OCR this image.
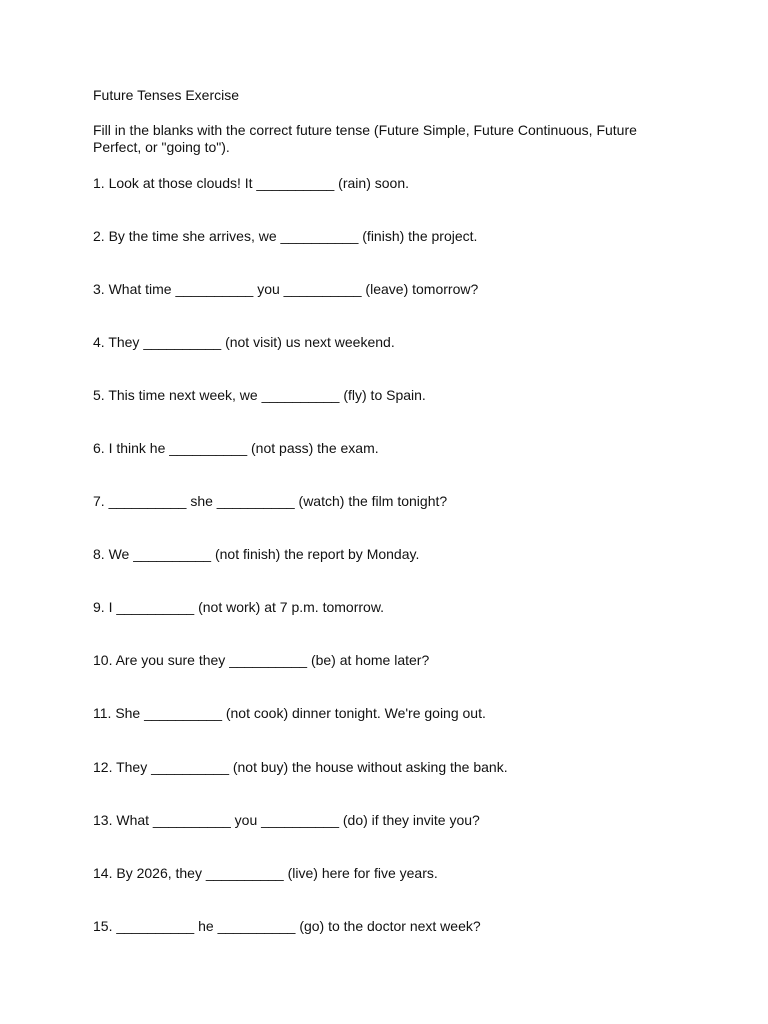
Future Tenses Exercise
Fill in the blanks with the correct future tense (Future Simple, Future Continuous, Future Perfect, or "going to").
1. Look at those clouds! It __________ (rain) soon.
2. By the time she arrives, we __________ (finish) the project.
3. What time __________ you __________ (leave) tomorrow?
4. They __________ (not visit) us next weekend.
5. This time next week, we __________ (fly) to Spain.
6. I think he __________ (not pass) the exam.
7. __________ she __________ (watch) the film tonight?
8. We __________ (not finish) the report by Monday.
9. I __________ (not work) at 7 p.m. tomorrow.
10. Are you sure they __________ (be) at home later?
11. She __________ (not cook) dinner tonight. We're going out.
12. They __________ (not buy) the house without asking the bank.
13. What __________ you __________ (do) if they invite you?
14. By 2026, they __________ (live) here for five years.
15. __________ he __________ (go) to the doctor next week?
